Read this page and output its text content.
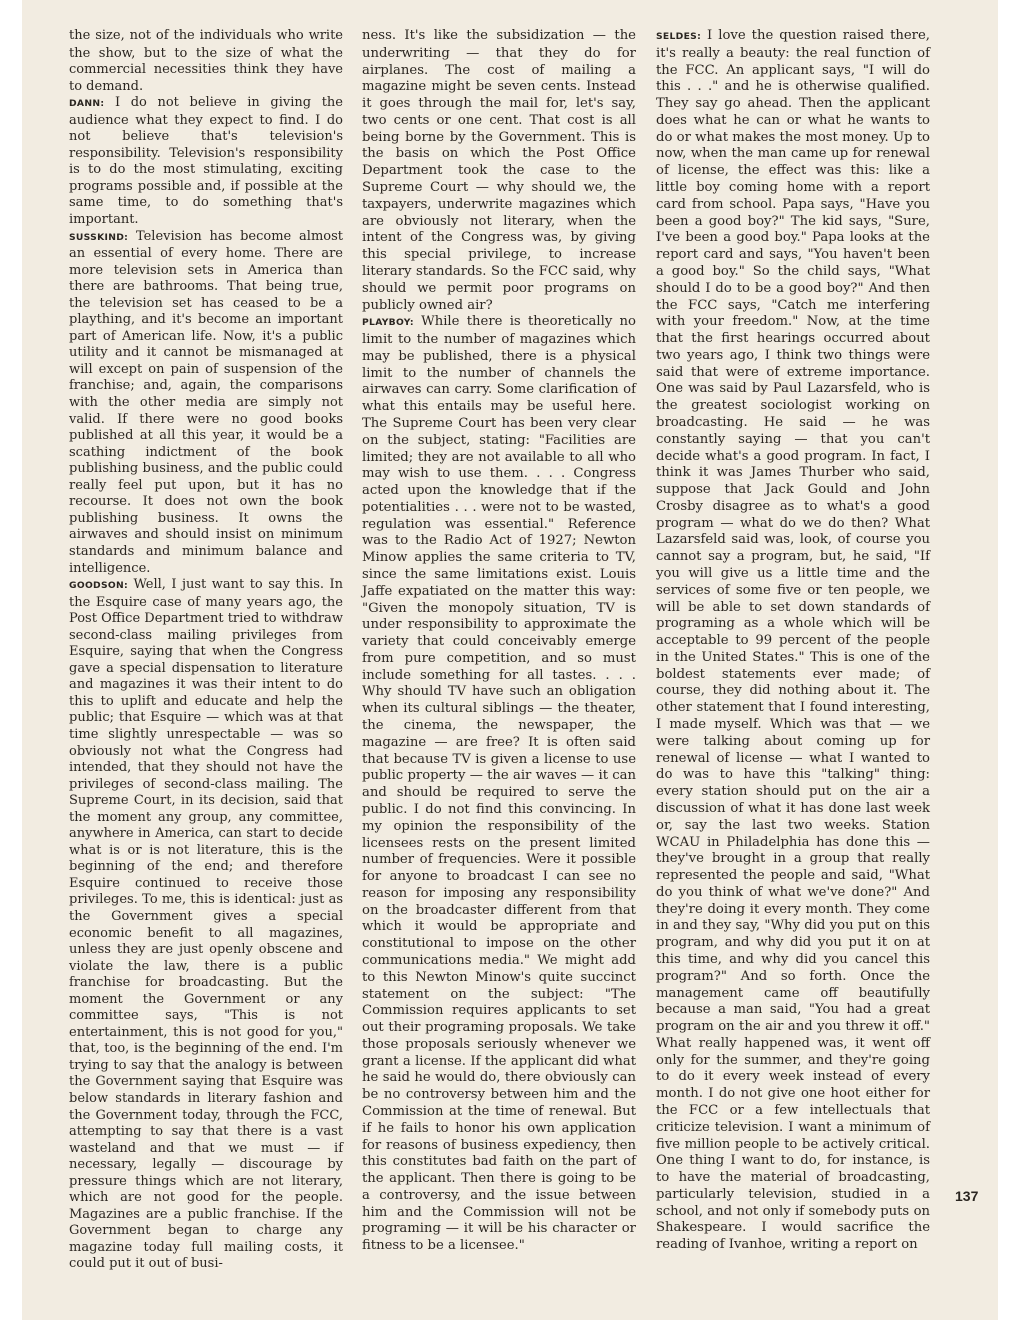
the size, not of the individuals who write the show, but to the size of what the commercial necessities think they have to demand.

DANN: I do not believe in giving the audience what they expect to find. I do not believe that's television's responsibility. Television's responsibility is to do the most stimulating, exciting programs possible and, if possible at the same time, to do something that's important.

SUSSKIND: Television has become almost an essential of every home. There are more television sets in America than there are bathrooms. That being true, the television set has ceased to be a plaything, and it's become an important part of American life. Now, it's a public utility and it cannot be mismanaged at will except on pain of suspension of the franchise; and, again, the comparisons with the other media are simply not valid. If there were no good books published at all this year, it would be a scathing indictment of the book publishing business, and the public could really feel put upon, but it has no recourse. It does not own the book publishing business. It owns the airwaves and should insist on minimum standards and minimum balance and intelligence.

GOODSON: Well, I just want to say this. In the Esquire case of many years ago, the Post Office Department tried to withdraw second-class mailing privileges from Esquire, saying that when the Congress gave a special dispensation to literature and magazines it was their intent to do this to uplift and educate and help the public; that Esquire — which was at that time slightly unrespectable — was so obviously not what the Congress had intended, that they should not have the privileges of second-class mailing. The Supreme Court, in its decision, said that the moment any group, any committee, anywhere in America, can start to decide what is or is not literature, this is the beginning of the end; and therefore Esquire continued to receive those privileges. To me, this is identical: just as the Government gives a special economic benefit to all magazines, unless they are just openly obscene and violate the law, there is a public franchise for broadcasting. But the moment the Government or any committee says, "This is not entertainment, this is not good for you," that, too, is the beginning of the end. I'm trying to say that the analogy is between the Government saying that Esquire was below standards in literary fashion and the Government today, through the FCC, attempting to say that there is a vast wasteland and that we must — if necessary, legally — discourage by pressure things which are not literary, which are not good for the people. Magazines are a public franchise. If the Government began to charge any magazine today full mailing costs, it could put it out of busi-

ness. It's like the subsidization — the underwriting — that they do for airplanes. The cost of mailing a magazine might be seven cents. Instead it goes through the mail for, let's say, two cents or one cent. That cost is all being borne by the Government. This is the basis on which the Post Office Department took the case to the Supreme Court — why should we, the taxpayers, underwrite magazines which are obviously not literary, when the intent of the Congress was, by giving this special privilege, to increase literary standards. So the FCC said, why should we permit poor programs on publicly owned air?

PLAYBOY: While there is theoretically no limit to the number of magazines which may be published, there is a physical limit to the number of channels the airwaves can carry. Some clarification of what this entails may be useful here. The Supreme Court has been very clear on the subject, stating: "Facilities are limited; they are not available to all who may wish to use them. . . . Congress acted upon the knowledge that if the potentialities . . . were not to be wasted, regulation was essential." Reference was to the Radio Act of 1927; Newton Minow applies the same criteria to TV, since the same limitations exist. Louis Jaffe expatiated on the matter this way: "Given the monopoly situation, TV is under responsibility to approximate the variety that could conceivably emerge from pure competition, and so must include something for all tastes. . . . Why should TV have such an obligation when its cultural siblings — the theater, the cinema, the newspaper, the magazine — are free? It is often said that because TV is given a license to use public property — the air waves — it can and should be required to serve the public. I do not find this convincing. In my opinion the responsibility of the licensees rests on the present limited number of frequencies. Were it possible for anyone to broadcast I can see no reason for imposing any responsibility on the broadcaster different from that which it would be appropriate and constitutional to impose on the other communications media." We might add to this Newton Minow's quite succinct statement on the subject: "The Commission requires applicants to set out their programing proposals. We take those proposals seriously whenever we grant a license. If the applicant did what he said he would do, there obviously can be no controversy between him and the Commission at the time of renewal. But if he fails to honor his own application for reasons of business expediency, then this constitutes bad faith on the part of the applicant. Then there is going to be a controversy, and the issue between him and the Commission will not be programing — it will be his character or fitness to be a licensee."

SELDES: I love the question raised there, it's really a beauty: the real function of the FCC. An applicant says, "I will do this . . ." and he is otherwise qualified. They say go ahead. Then the applicant does what he can or what he wants to do or what makes the most money. Up to now, when the man came up for renewal of license, the effect was this: like a little boy coming home with a report card from school. Papa says, "Have you been a good boy?" The kid says, "Sure, I've been a good boy." Papa looks at the report card and says, "You haven't been a good boy." So the child says, "What should I do to be a good boy?" And then the FCC says, "Catch me interfering with your freedom." Now, at the time that the first hearings occurred about two years ago, I think two things were said that were of extreme importance. One was said by Paul Lazarsfeld, who is the greatest sociologist working on broadcasting. He said — he was constantly saying — that you can't decide what's a good program. In fact, I think it was James Thurber who said, suppose that Jack Gould and John Crosby disagree as to what's a good program — what do we do then? What Lazarsfeld said was, look, of course you cannot say a program, but, he said, "If you will give us a little time and the services of some five or ten people, we will be able to set down standards of programing as a whole which will be acceptable to 99 percent of the people in the United States." This is one of the boldest statements ever made; of course, they did nothing about it. The other statement that I found interesting, I made myself. Which was that — we were talking about coming up for renewal of license — what I wanted to do was to have this "talking" thing: every station should put on the air a discussion of what it has done last week or, say the last two weeks. Station WCAU in Philadelphia has done this — they've brought in a group that really represented the people and said, "What do you think of what we've done?" And they're doing it every month. They come in and they say, "Why did you put on this program, and why did you put it on at this time, and why did you cancel this program?" And so forth. Once the management came off beautifully because a man said, "You had a great program on the air and you threw it off." What really happened was, it went off only for the summer, and they're going to do it every week instead of every month. I do not give one hoot either for the FCC or a few intellectuals that criticize television. I want a minimum of five million people to be actively critical. One thing I want to do, for instance, is to have the material of broadcasting, particularly television, studied in a school, and not only if somebody puts on Shakespeare. I would sacrifice the reading of Ivanhoe, writing a report on

137
